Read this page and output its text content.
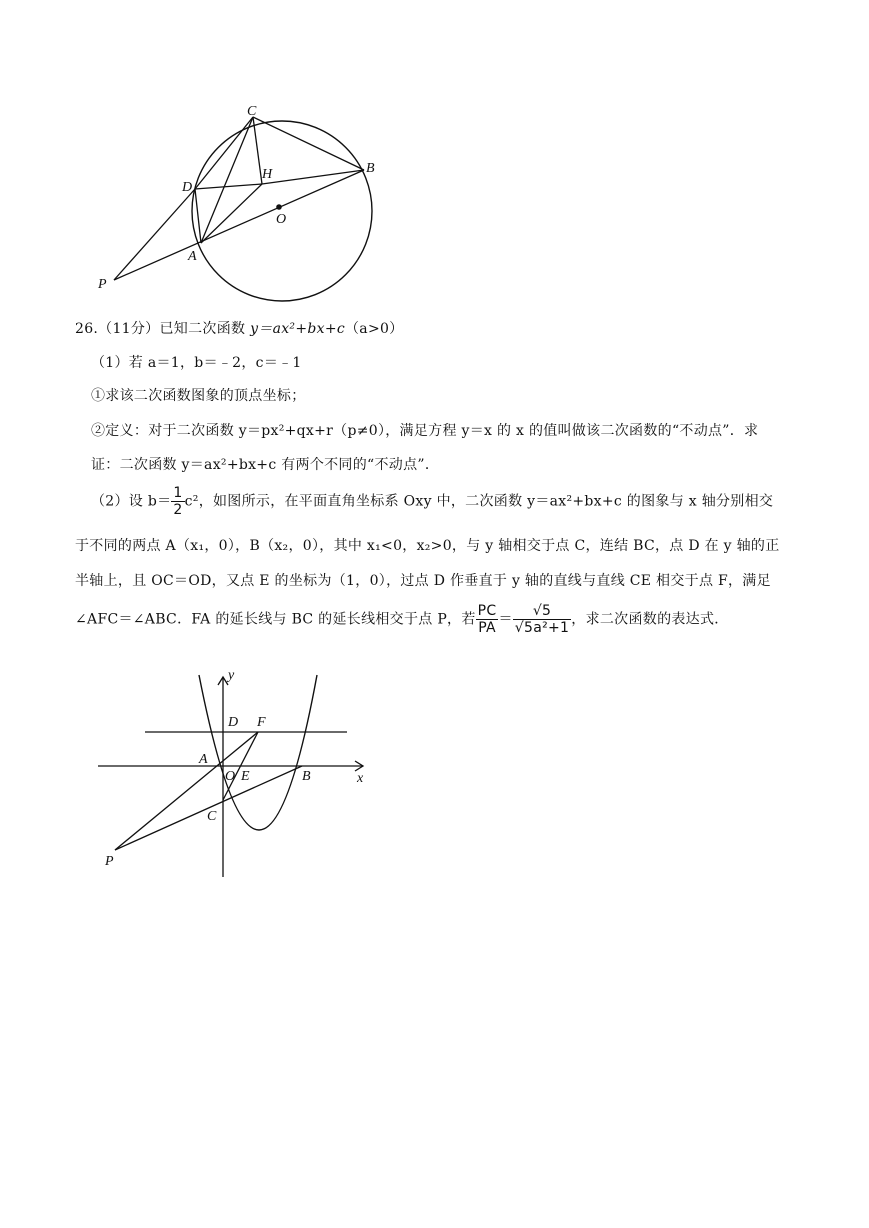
C
D
H	B
O
A
P
26.（11分）已知二次函数 y＝ax²+bx+c（a>0）
（1）若 a＝1，b＝﹣2，c＝﹣1
①求该二次函数图象的顶点坐标；
②定义：对于二次函数 y＝px²+qx+r（p≠0），满足方程 y＝x 的 x 的值叫做该二次函数的“不动点”．求
证：二次函数 y＝ax²+bx+c 有两个不同的“不动点”．
（2）设 $b= \frac{1}{2} c^2$，如图所示，在平面直角坐标系 Oxy 中，二次函数 y＝ax²+bx+c 的图象与 x 轴分别相交
于不同的两点 A（x₁，0），B（x₂，0），其中 x₁<0，x₂>0，与 y 轴相交于点 C，连结 BC，点 D 在 y 轴的正
半轴上，且 OC＝OD，又点 E 的坐标为（1，0），过点 D 作垂直于 y 轴的直线与直线 CE 相交于点 F，满足
∠AFC＝∠ABC．FA 的延长线与 BC 的延长线相交于点 P，若 $\frac{PC}{PA} = \frac{√5}{\text{√5a²+1}}$ ，求二次函数的表达式．
y
x
D F
A
O E	B
C
P
